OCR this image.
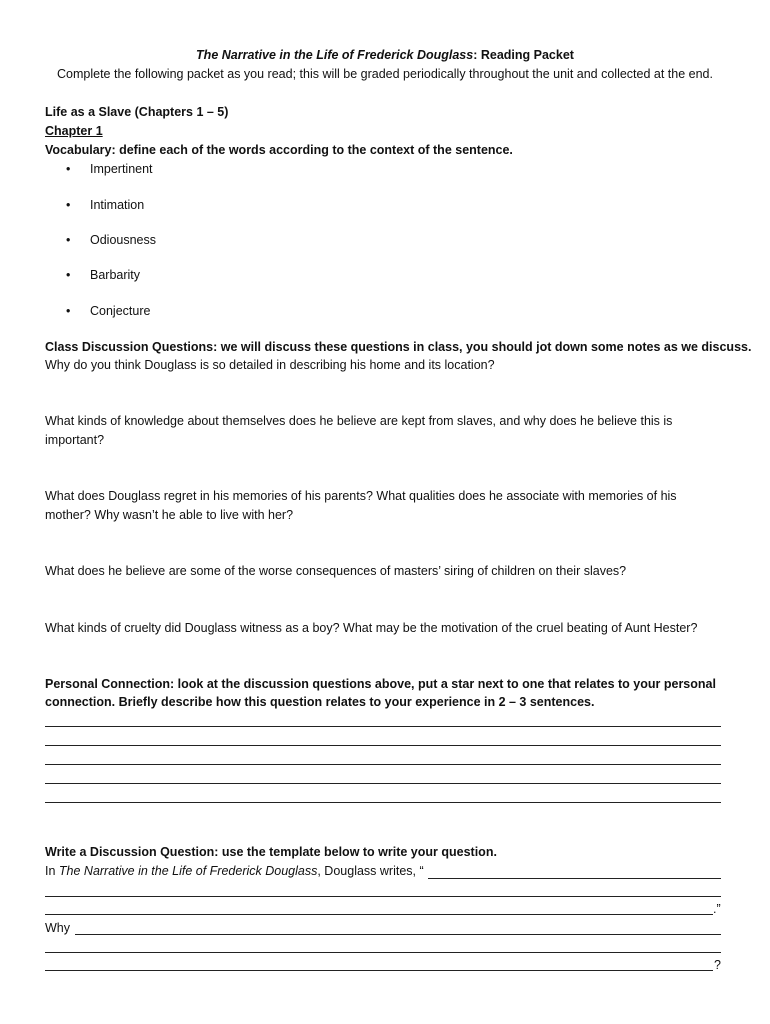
The Narrative in the Life of Frederick Douglass: Reading Packet
Complete the following packet as you read; this will be graded periodically throughout the unit and collected at the end.
Life as a Slave (Chapters 1 – 5)
Chapter 1
Vocabulary: define each of the words according to the context of the sentence.
• Impertinent
• Intimation
• Odiousness
• Barbarity
• Conjecture
Class Discussion Questions: we will discuss these questions in class, you should jot down some notes as we discuss.
Why do you think Douglass is so detailed in describing his home and its location?
What kinds of knowledge about themselves does he believe are kept from slaves, and why does he believe this is
important?
What does Douglass regret in his memories of his parents? What qualities does he associate with memories of his
mother? Why wasn’t he able to live with her?
What does he believe are some of the worse consequences of masters’ siring of children on their slaves?
What kinds of cruelty did Douglass witness as a boy? What may be the motivation of the cruel beating of Aunt Hester?
Personal Connection: look at the discussion questions above, put a star next to one that relates to your personal
connection. Briefly describe how this question relates to your experience in 2 – 3 sentences.
Write a Discussion Question: use the template below to write your question.
In The Narrative in the Life of Frederick Douglass, Douglass writes, “
.”
Why
?
